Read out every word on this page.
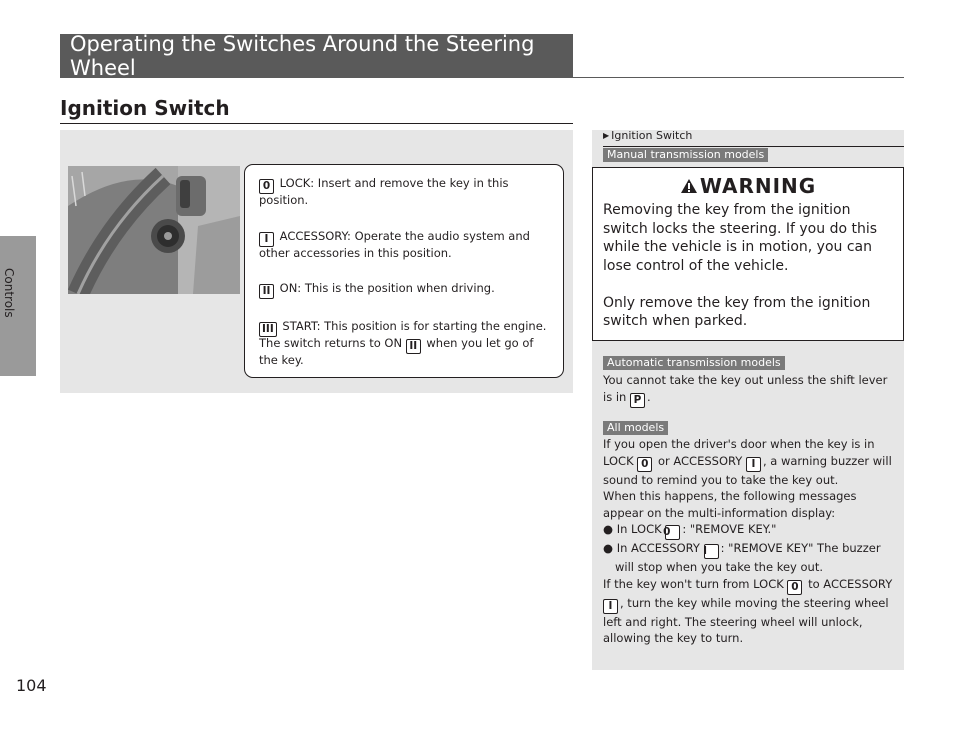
Controls
104
Operating the Switches Around the Steering Wheel
Ignition Switch
0 LOCK: Insert and remove the key in this position.
I ACCESSORY: Operate the audio system and other accessories in this position.
II ON: This is the position when driving.
III START: This position is for starting the engine. The switch returns to ON II when you let go of the key.
▶ Ignition Switch
Manual transmission models
WARNING
Removing the key from the ignition switch locks the steering. If you do this while the vehicle is in motion, you can lose control of the vehicle.

Only remove the key from the ignition switch when parked.
Automatic transmission models
You cannot take the key out unless the shift lever is in P .
All models

If you open the driver's door when the key is in LOCK 0 or ACCESSORY I , a warning buzzer will sound to remind you to take the key out.

When this happens, the following messages appear on the multi-information display:

● In LOCK 0 : "REMOVE KEY."

● In ACCESSORY I : "REMOVE KEY" The buzzer will stop when you take the key out.

If the key won't turn from LOCK 0 to ACCESSORY I , turn the key while moving the steering wheel left and right. The steering wheel will unlock, allowing the key to turn.
